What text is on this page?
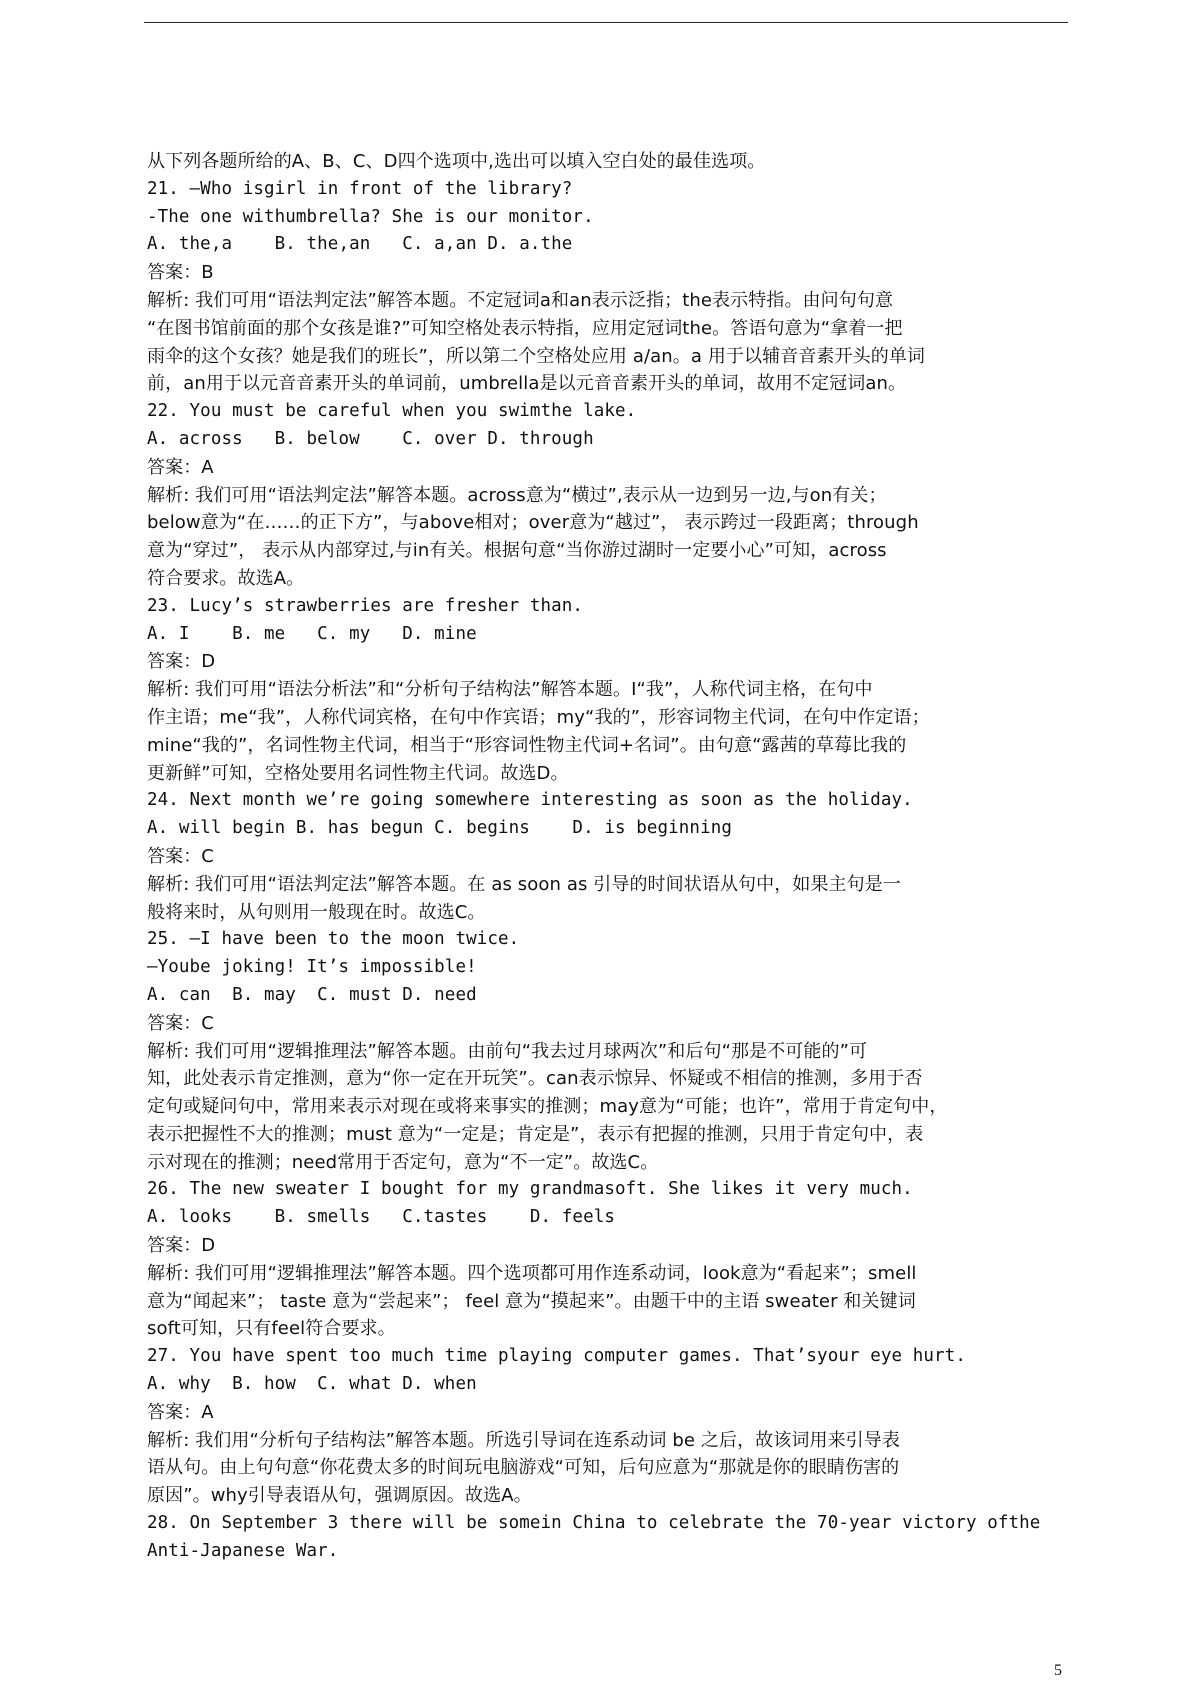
从下列各题所给的A、B、C、D四个选项中,选出可以填入空白处的最佳选项。
21. —Who isgirl in front of the library?
-The one withumbrella? She is our monitor.
A. the,a    B. the,an   C. a,an D. a.the
答案：B
解析: 我们可用“语法判定法”解答本题。不定冠词a和an表示泛指；the表示特指。由问句句意
“在图书馆前面的那个女孩是谁?”可知空格处表示特指，应用定冠词the。答语句意为“拿着一把
雨伞的这个女孩？她是我们的班长”，所以第二个空格处应用 a/an。a 用于以辅音音素开头的单词
前，an用于以元音音素开头的单词前，umbrella是以元音音素开头的单词，故用不定冠词an。
22. You must be careful when you swimthe lake.
A. across   B. below    C. over D. through
答案：A
解析: 我们可用“语法判定法”解答本题。across意为“横过”,表示从一边到另一边,与on有关；
below意为“在……的正下方”，与above相对；over意为“越过”， 表示跨过一段距离；through
意为“穿过”， 表示从内部穿过,与in有关。根据句意“当你游过湖时一定要小心”可知，across
符合要求。故选A。
23. Lucy’s strawberries are fresher than.
A. I    B. me   C. my   D. mine
答案：D
解析: 我们可用“语法分析法”和“分析句子结构法”解答本题。I“我”，人称代词主格，在句中
作主语；me“我”，人称代词宾格，在句中作宾语；my“我的”，形容词物主代词，在句中作定语；
mine“我的”，名词性物主代词，相当于“形容词性物主代词+名词”。由句意“露茜的草莓比我的
更新鲜”可知，空格处要用名词性物主代词。故选D。
24. Next month we’re going somewhere interesting as soon as the holiday.
A. will begin B. has begun C. begins    D. is beginning
答案：C
解析: 我们可用“语法判定法”解答本题。在 as soon as 引导的时间状语从句中，如果主句是一
般将来时，从句则用一般现在时。故选C。
25. —I have been to the moon twice.
—Yoube joking! It’s impossible!
A. can  B. may  C. must D. need
答案：C
解析: 我们可用“逻辑推理法”解答本题。由前句“我去过月球两次”和后句“那是不可能的”可
知，此处表示肯定推测，意为“你一定在开玩笑”。can表示惊异、怀疑或不相信的推测，多用于否
定句或疑问句中，常用来表示对现在或将来事实的推测；may意为“可能；也许”，常用于肯定句中，
表示把握性不大的推测；must 意为“一定是；肯定是”，表示有把握的推测，只用于肯定句中，表
示对现在的推测；need常用于否定句，意为“不一定”。故选C。
26. The new sweater I bought for my grandmasoft. She likes it very much.
A. looks    B. smells   C.tastes    D. feels
答案：D
解析: 我们可用“逻辑推理法”解答本题。四个选项都可用作连系动词，look意为“看起来”；smell
意为“闻起来”； taste 意为“尝起来”； feel 意为“摸起来”。由题干中的主语 sweater 和关键词
soft可知，只有feel符合要求。
27. You have spent too much time playing computer games. That’syour eye hurt.
A. why  B. how  C. what D. when
答案：A
解析: 我们用“分析句子结构法”解答本题。所选引导词在连系动词 be 之后，故该词用来引导表
语从句。由上句句意“你花费太多的时间玩电脑游戏“可知，后句应意为“那就是你的眼睛伤害的
原因”。why引导表语从句，强调原因。故选A。
28. On September 3 there will be somein China to celebrate the 70-year victory ofthe
Anti-Japanese War.
5
